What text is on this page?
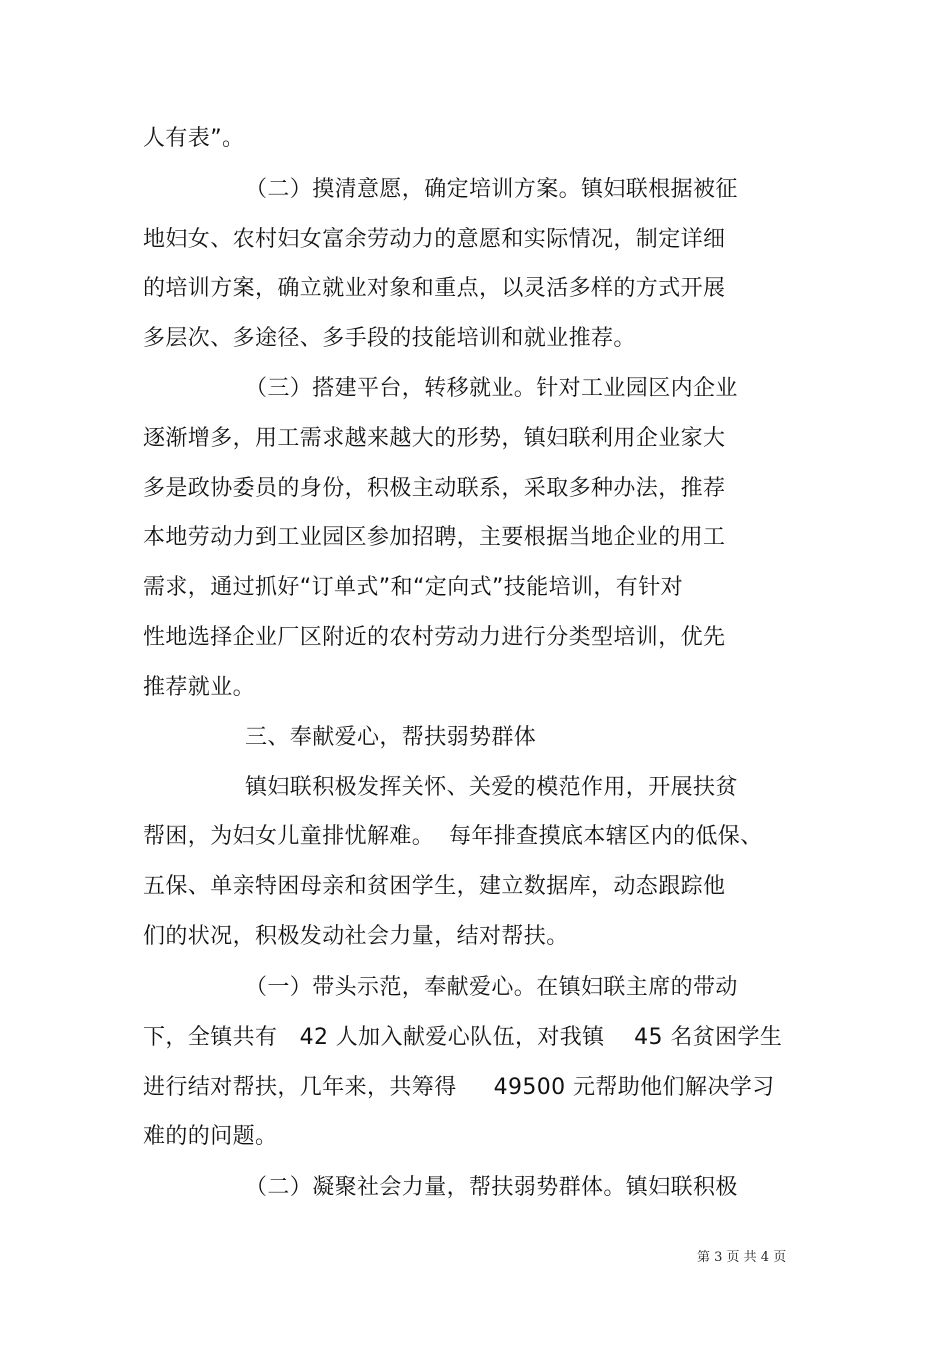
人有表”。
（二）摸清意愿，确定培训方案。镇妇联根据被征
地妇女、农村妇女富余劳动力的意愿和实际情况，制定详细
的培训方案，确立就业对象和重点，以灵活多样的方式开展
多层次、多途径、多手段的技能培训和就业推荐。
（三）搭建平台，转移就业。针对工业园区内企业
逐渐增多，用工需求越来越大的形势，镇妇联利用企业家大
多是政协委员的身份，积极主动联系，采取多种办法，推荐
本地劳动力到工业园区参加招聘，主要根据当地企业的用工
需求，通过抓好“订单式”和“定向式”技能培训，有针对
性地选择企业厂区附近的农村劳动力进行分类型培训，优先
推荐就业。
三、奉献爱心，帮扶弱势群体
镇妇联积极发挥关怀、关爱的模范作用，开展扶贫
帮困，为妇女儿童排忧解难。  每年排查摸底本辖区内的低保、
五保、单亲特困母亲和贫困学生，建立数据库，动态跟踪他
们的状况，积极发动社会力量，结对帮扶。
（一）带头示范，奉献爱心。在镇妇联主席的带动
下，全镇共有   42 人加入献爱心队伍，对我镇    45 名贫困学生
进行结对帮扶，几年来，共筹得     49500 元帮助他们解决学习
难的的问题。
（二）凝聚社会力量，帮扶弱势群体。镇妇联积极
第 3 页 共 4 页
